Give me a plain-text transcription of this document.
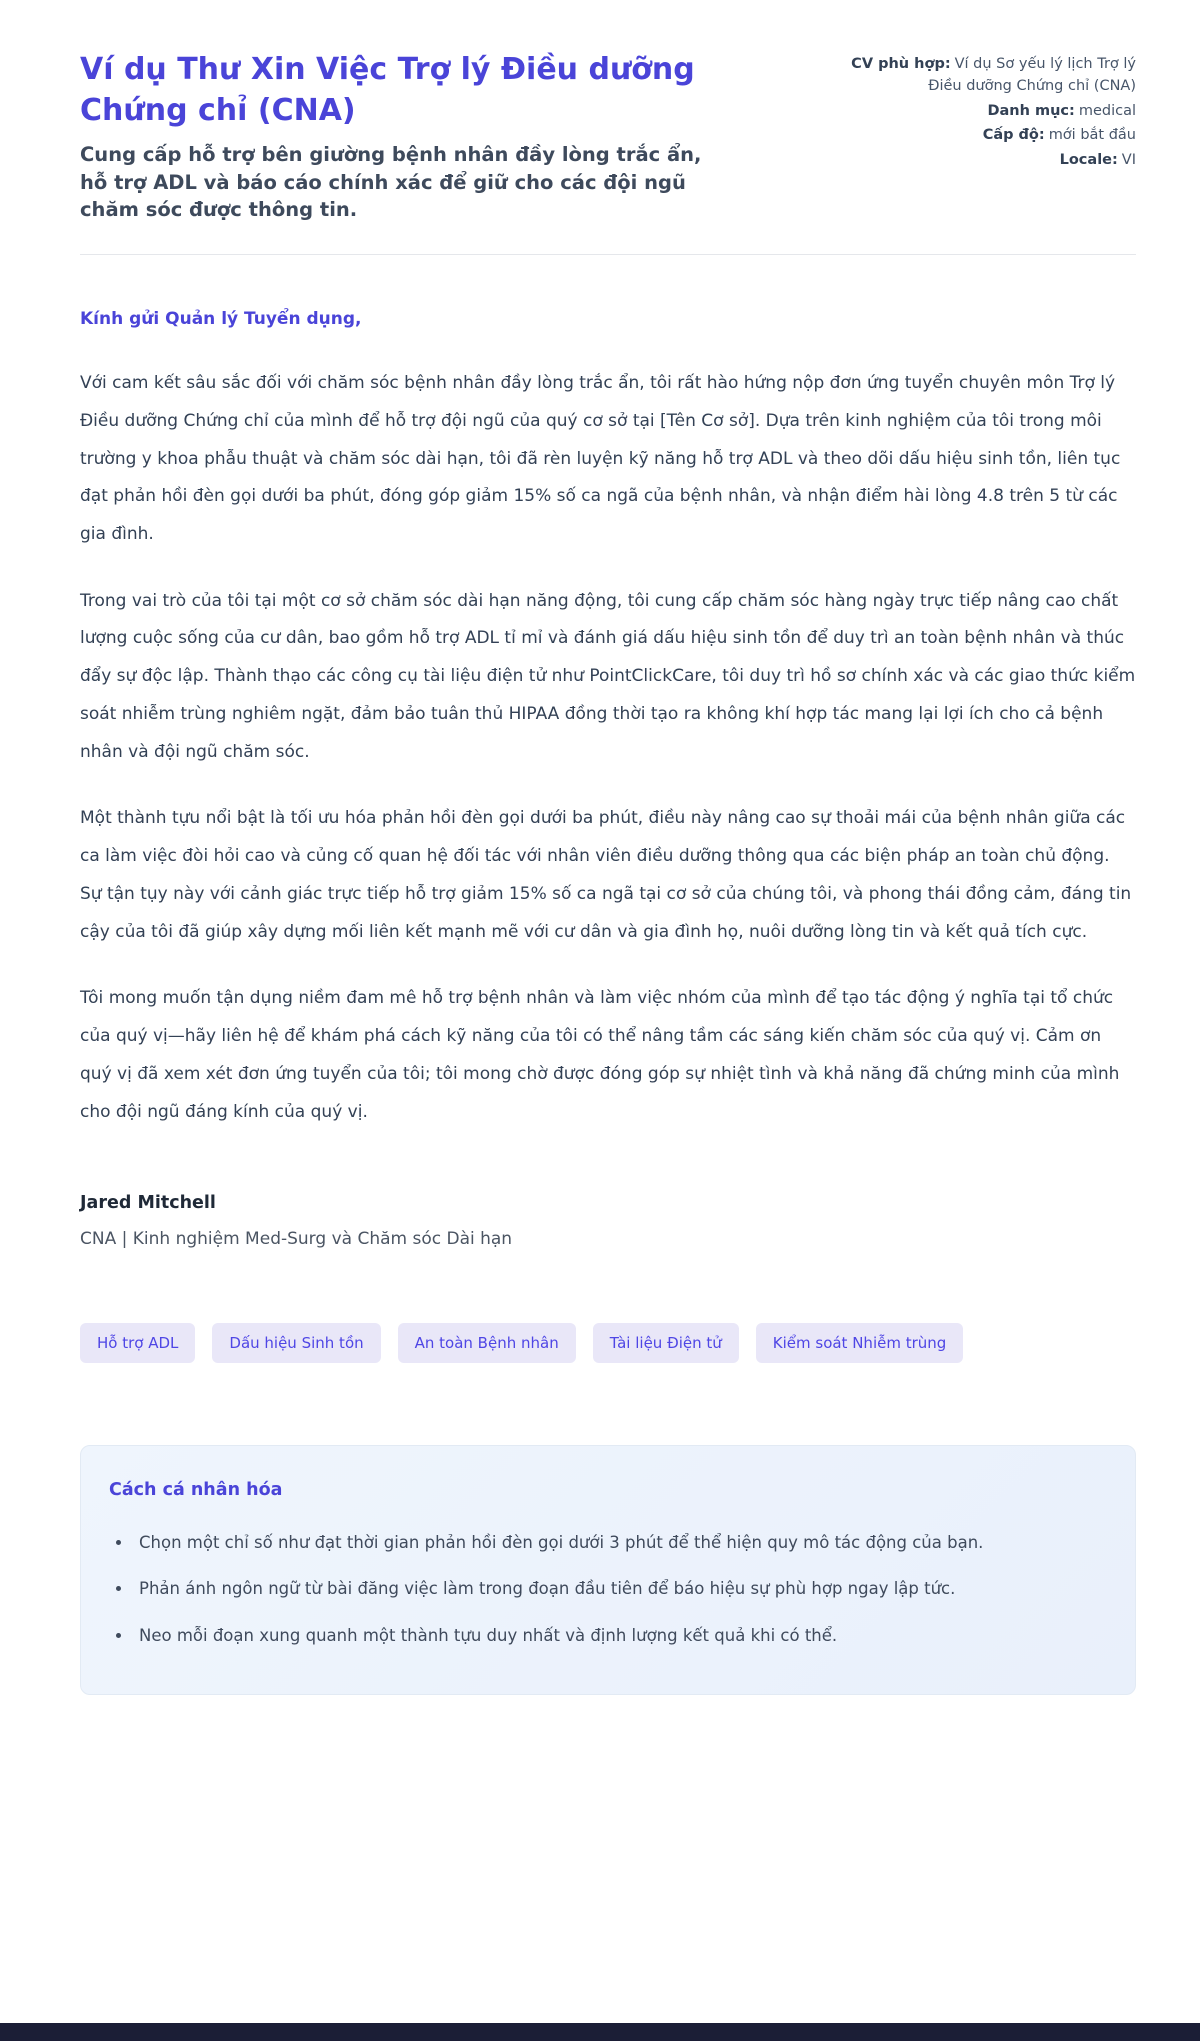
Ví dụ Thư Xin Việc Trợ lý Điều dưỡng Chứng chỉ (CNA)

Cung cấp hỗ trợ bên giường bệnh nhân đầy lòng trắc ẩn, hỗ trợ ADL và báo cáo chính xác để giữ cho các đội ngũ chăm sóc được thông tin.

CV phù hợp: Ví dụ Sơ yếu lý lịch Trợ lý Điều dưỡng Chứng chỉ (CNA)
Danh mục: medical
Cấp độ: mới bắt đầu
Locale: VI

Kính gửi Quản lý Tuyển dụng,

Với cam kết sâu sắc đối với chăm sóc bệnh nhân đầy lòng trắc ẩn, tôi rất hào hứng nộp đơn ứng tuyển chuyên môn Trợ lý Điều dưỡng Chứng chỉ của mình để hỗ trợ đội ngũ của quý cơ sở tại [Tên Cơ sở]. Dựa trên kinh nghiệm của tôi trong môi trường y khoa phẫu thuật và chăm sóc dài hạn, tôi đã rèn luyện kỹ năng hỗ trợ ADL và theo dõi dấu hiệu sinh tồn, liên tục đạt phản hồi đèn gọi dưới ba phút, đóng góp giảm 15% số ca ngã của bệnh nhân, và nhận điểm hài lòng 4.8 trên 5 từ các gia đình.

Trong vai trò của tôi tại một cơ sở chăm sóc dài hạn năng động, tôi cung cấp chăm sóc hàng ngày trực tiếp nâng cao chất lượng cuộc sống của cư dân, bao gồm hỗ trợ ADL tỉ mỉ và đánh giá dấu hiệu sinh tồn để duy trì an toàn bệnh nhân và thúc đẩy sự độc lập. Thành thạo các công cụ tài liệu điện tử như PointClickCare, tôi duy trì hồ sơ chính xác và các giao thức kiểm soát nhiễm trùng nghiêm ngặt, đảm bảo tuân thủ HIPAA đồng thời tạo ra không khí hợp tác mang lại lợi ích cho cả bệnh nhân và đội ngũ chăm sóc.

Một thành tựu nổi bật là tối ưu hóa phản hồi đèn gọi dưới ba phút, điều này nâng cao sự thoải mái của bệnh nhân giữa các ca làm việc đòi hỏi cao và củng cố quan hệ đối tác với nhân viên điều dưỡng thông qua các biện pháp an toàn chủ động. Sự tận tụy này với cảnh giác trực tiếp hỗ trợ giảm 15% số ca ngã tại cơ sở của chúng tôi, và phong thái đồng cảm, đáng tin cậy của tôi đã giúp xây dựng mối liên kết mạnh mẽ với cư dân và gia đình họ, nuôi dưỡng lòng tin và kết quả tích cực.

Tôi mong muốn tận dụng niềm đam mê hỗ trợ bệnh nhân và làm việc nhóm của mình để tạo tác động ý nghĩa tại tổ chức của quý vị—hãy liên hệ để khám phá cách kỹ năng của tôi có thể nâng tầm các sáng kiến chăm sóc của quý vị. Cảm ơn quý vị đã xem xét đơn ứng tuyển của tôi; tôi mong chờ được đóng góp sự nhiệt tình và khả năng đã chứng minh của mình cho đội ngũ đáng kính của quý vị.

Jared Mitchell
CNA | Kinh nghiệm Med-Surg và Chăm sóc Dài hạn
Hỗ trợ ADL	Dấu hiệu Sinh tồn	An toàn Bệnh nhân	Tài liệu Điện tử	Kiểm soát Nhiễm trùng
Cách cá nhân hóa
• Chọn một chỉ số như đạt thời gian phản hồi đèn gọi dưới 3 phút để thể hiện quy mô tác động của bạn.
• Phản ánh ngôn ngữ từ bài đăng việc làm trong đoạn đầu tiên để báo hiệu sự phù hợp ngay lập tức.
• Neo mỗi đoạn xung quanh một thành tựu duy nhất và định lượng kết quả khi có thể.
